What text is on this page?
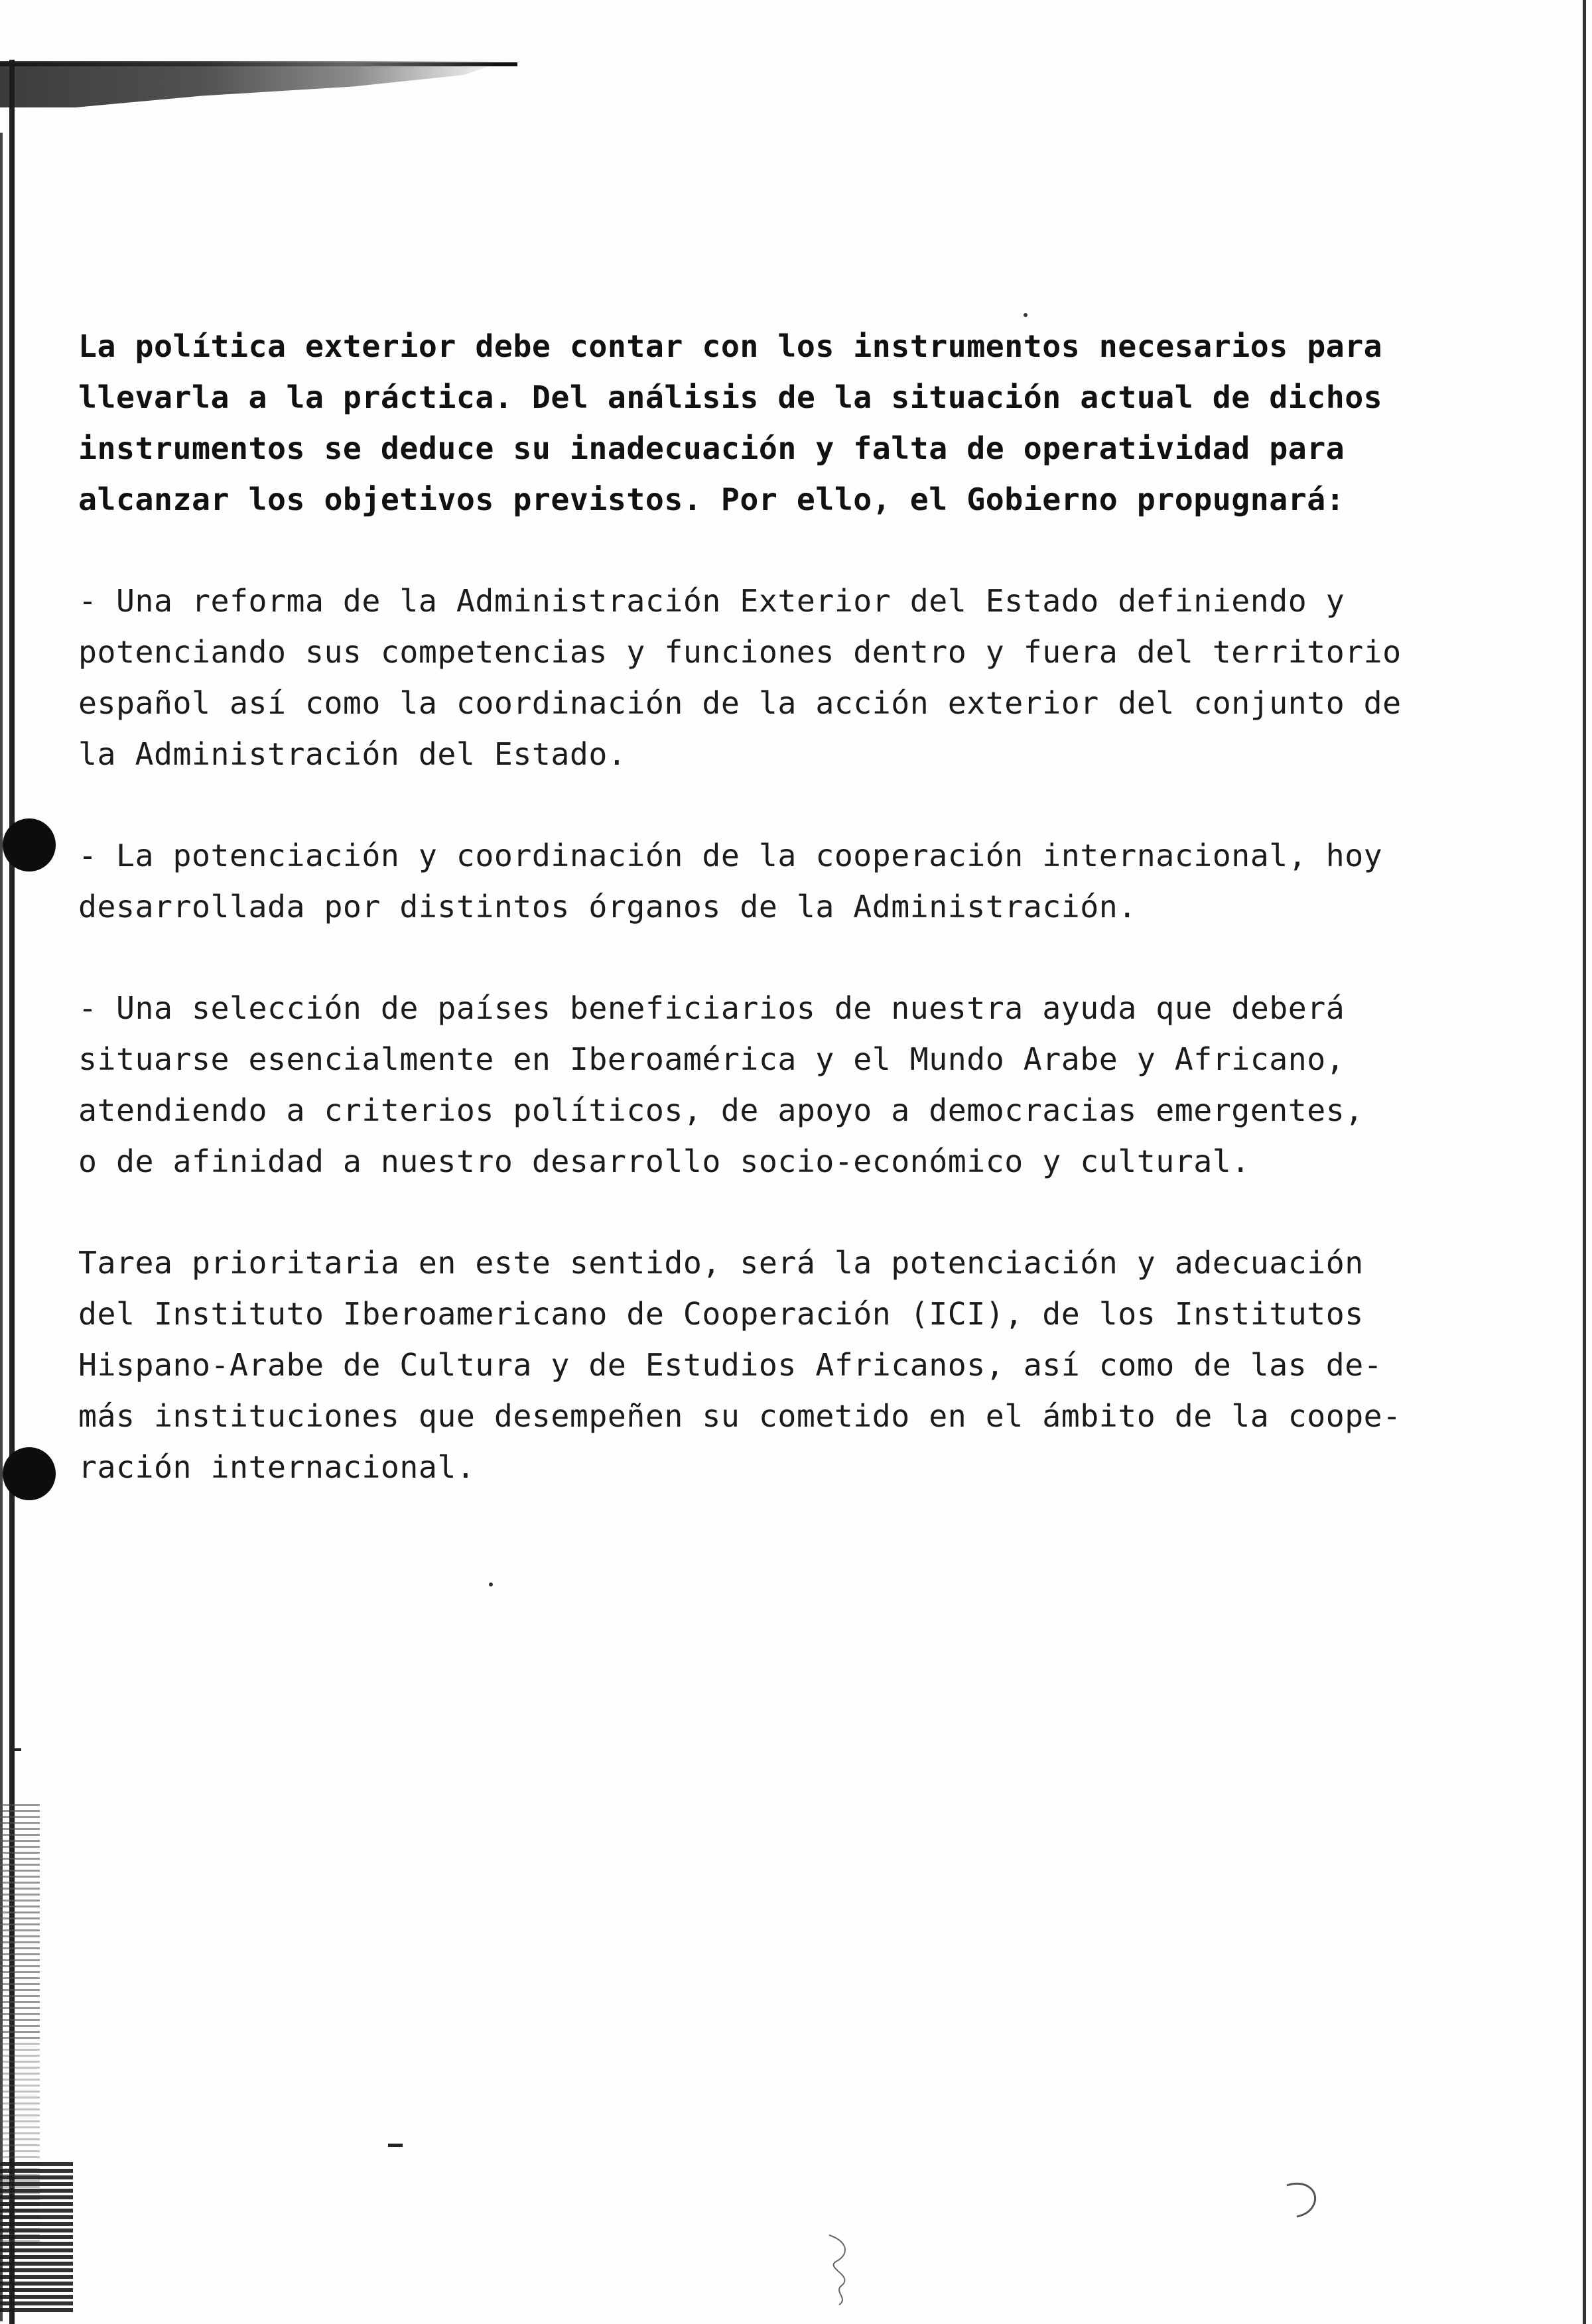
La política exterior debe contar con los instrumentos necesarios para
llevarla a la práctica. Del análisis de la situación actual de dichos
instrumentos se deduce su inadecuación y falta de operatividad para
alcanzar los objetivos previstos. Por ello, el Gobierno propugnará:
- Una reforma de la Administración Exterior del Estado definiendo y
potenciando sus competencias y funciones dentro y fuera del territorio
español así como la coordinación de la acción exterior del conjunto de
la Administración del Estado.
- La potenciación y coordinación de la cooperación internacional, hoy
desarrollada por distintos órganos de la Administración.
- Una selección de países beneficiarios de nuestra ayuda que deberá
situarse esencialmente en Iberoamérica y el Mundo Arabe y Africano,
atendiendo a criterios políticos, de apoyo a democracias emergentes,
o de afinidad a nuestro desarrollo socio-económico y cultural.
Tarea prioritaria en este sentido, será la potenciación y adecuación
del Instituto Iberoamericano de Cooperación (ICI), de los Institutos
Hispano-Arabe de Cultura y de Estudios Africanos, así como de las de-
más instituciones que desempeñen su cometido en el ámbito de la coope-
ración internacional.
